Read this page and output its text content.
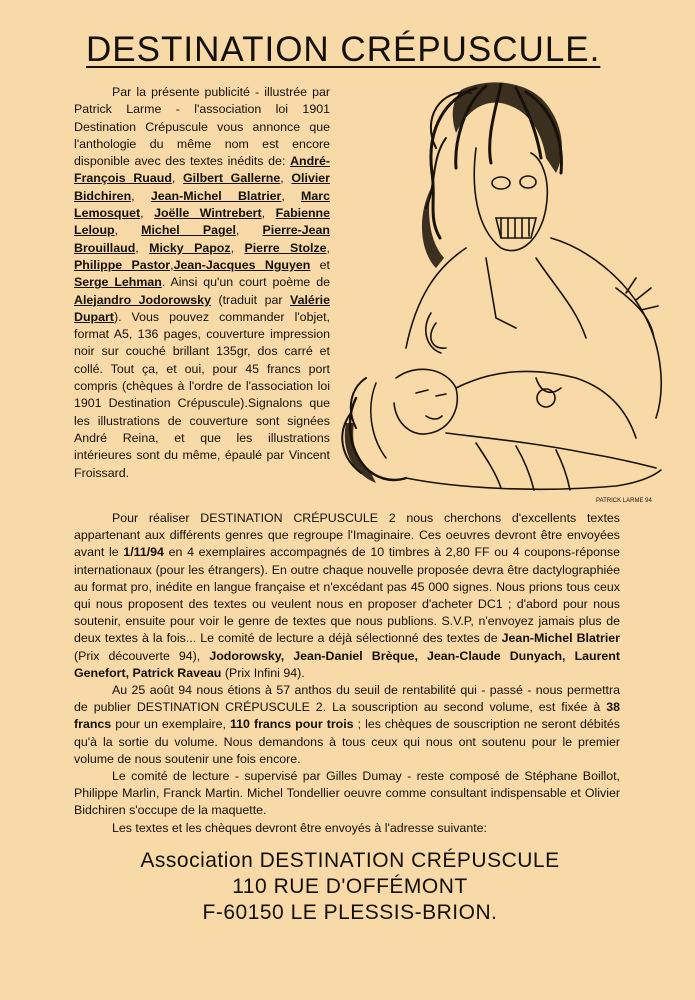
DESTINATION CRÉPUSCULE.

Par la présente publicité - illustrée par Patrick Larme - l'association loi 1901 Destination Crépuscule vous annonce que l'anthologie du même nom est encore disponible avec des textes inédits de: André-François Ruaud, Gilbert Gallerne, Olivier Bidchiren, Jean-Michel Blatrier, Marc Lemosquet, Joëlle Wintrebert, Fabienne Leloup, Michel Pagel, Pierre-Jean Brouillaud, Micky Papoz, Pierre Stolze, Philippe Pastor,Jean-Jacques Nguyen et Serge Lehman. Ainsi qu'un court poème de Alejandro Jodorowsky (traduit par Valérie Dupart). Vous pouvez commander l'objet, format A5, 136 pages, couverture impression noir sur couché brillant 135gr, dos carré et collé. Tout ça, et oui, pour 45 francs port compris (chèques à l'ordre de l'association loi 1901 Destination Crépuscule).Signalons que les illustrations de couverture sont signées André Reina, et que les illustrations intérieures sont du même, épaulé par Vincent Froissard.

PATRICK LARME 94

Pour réaliser DESTINATION CRÉPUSCULE 2 nous cherchons d'excellents textes appartenant aux différents genres que regroupe l'Imaginaire. Ces oeuvres devront être envoyées avant le 1/11/94 en 4 exemplaires accompagnés de 10 timbres à 2,80 FF ou 4 coupons-réponse internationaux (pour les étrangers). En outre chaque nouvelle proposée devra être dactylographiée au format pro, inédite en langue française et n'excédant pas 45 000 signes. Nous prions tous ceux qui nous proposent des textes ou veulent nous en proposer d'acheter DC1 ; d'abord pour nous soutenir, ensuite pour voir le genre de textes que nous publions. S.V.P, n'envoyez jamais plus de deux textes à la fois... Le comité de lecture a déjà sélectionné des textes de Jean-Michel Blatrier (Prix découverte 94), Jodorowsky, Jean-Daniel Brèque, Jean-Claude Dunyach, Laurent Genefort, Patrick Raveau (Prix Infini 94).

Au 25 août 94 nous étions à 57 anthos du seuil de rentabilité qui - passé - nous permettra de publier DESTINATION CRÉPUSCULE 2. La souscription au second volume, est fixée à 38 francs pour un exemplaire, 110 francs pour trois ; les chèques de souscription ne seront débités qu'à la sortie du volume. Nous demandons à tous ceux qui nous ont soutenu pour le premier volume de nous soutenir une fois encore.

Le comité de lecture - supervisé par Gilles Dumay - reste composé de Stéphane Boillot, Philippe Marlin, Franck Martin. Michel Tondellier oeuvre comme consultant indispensable et Olivier Bidchiren s'occupe de la maquette.

Les textes et les chèques devront être envoyés à l'adresse suivante:

Association DESTINATION CRÉPUSCULE
110 RUE D'OFFÉMONT
F-60150 LE PLESSIS-BRION.
